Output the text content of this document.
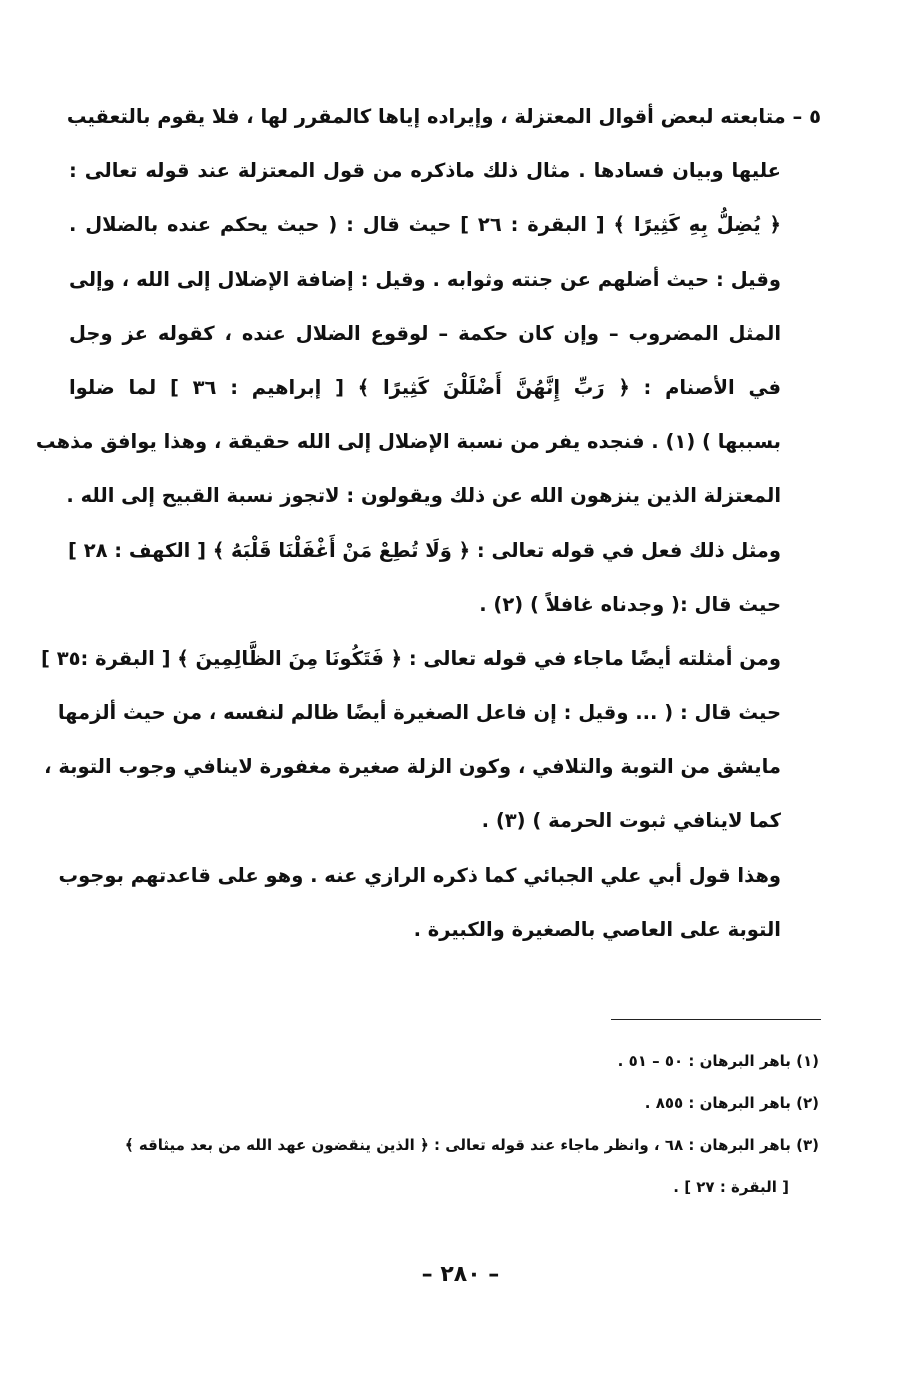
٥ – متابعته لبعض أقوال المعتزلة ، وإيراده إياها كالمقرر لها ، فلا يقوم بالتعقيب
عليها وبيان فسادها . مثال ذلك ماذكره من قول المعتزلة عند قوله تعالى :
﴿ يُضِلُّ بِهِ كَثِيرًا ﴾ [ البقرة : ٢٦ ] حيث قال : ( حيث يحكم عنده بالضلال .
وقيل : حيث أضلهم عن جنته وثوابه . وقيل : إضافة الإضلال إلى الله ، وإلى
المثل المضروب – وإن كان حكمة – لوقوع الضلال عنده ، كقوله عز وجل
في الأصنام : ﴿ رَبِّ إِنَّهُنَّ أَضْلَلْنَ كَثِيرًا ﴾ [ إبراهيم : ٣٦ ] لما ضلوا
بسببها ) (١) . فنجده يفر من نسبة الإضلال إلى الله حقيقة ، وهذا يوافق مذهب
المعتزلة الذين ينزهون الله عن ذلك ويقولون : لاتجوز نسبة القبيح إلى الله .
ومثل ذلك فعل في قوله تعالى : ﴿ وَلَا تُطِعْ مَنْ أَغْفَلْنَا قَلْبَهُ ﴾ [ الكهف : ٢٨ ]
حيث قال :( وجدناه غافلاً ) (٢) .
ومن أمثلته أيضًا ماجاء في قوله تعالى : ﴿ فَتَكُونَا مِنَ الظَّالِمِينَ ﴾ [ البقرة :٣٥ ]
حيث قال : ( ... وقيل : إن فاعل الصغيرة أيضًا ظالم لنفسه ، من حيث ألزمها
مايشق من التوبة والتلافي ، وكون الزلة صغيرة مغفورة لاينافي وجوب التوبة ،
كما لاينافي ثبوت الحرمة ) (٣) .
وهذا قول أبي علي الجبائي كما ذكره الرازي عنه . وهو على قاعدتهم بوجوب
التوبة على العاصي بالصغيرة والكبيرة .
(١) باهر البرهان : ٥٠ – ٥١ .
(٢) باهر البرهان : ٨٥٥ .
(٣) باهر البرهان : ٦٨ ، وانظر ماجاء عند قوله تعالى : ﴿ الذين ينقضون عهد الله من بعد ميثاقه ﴾
[ البقرة : ٢٧ ] .
– ٢٨٠ –
